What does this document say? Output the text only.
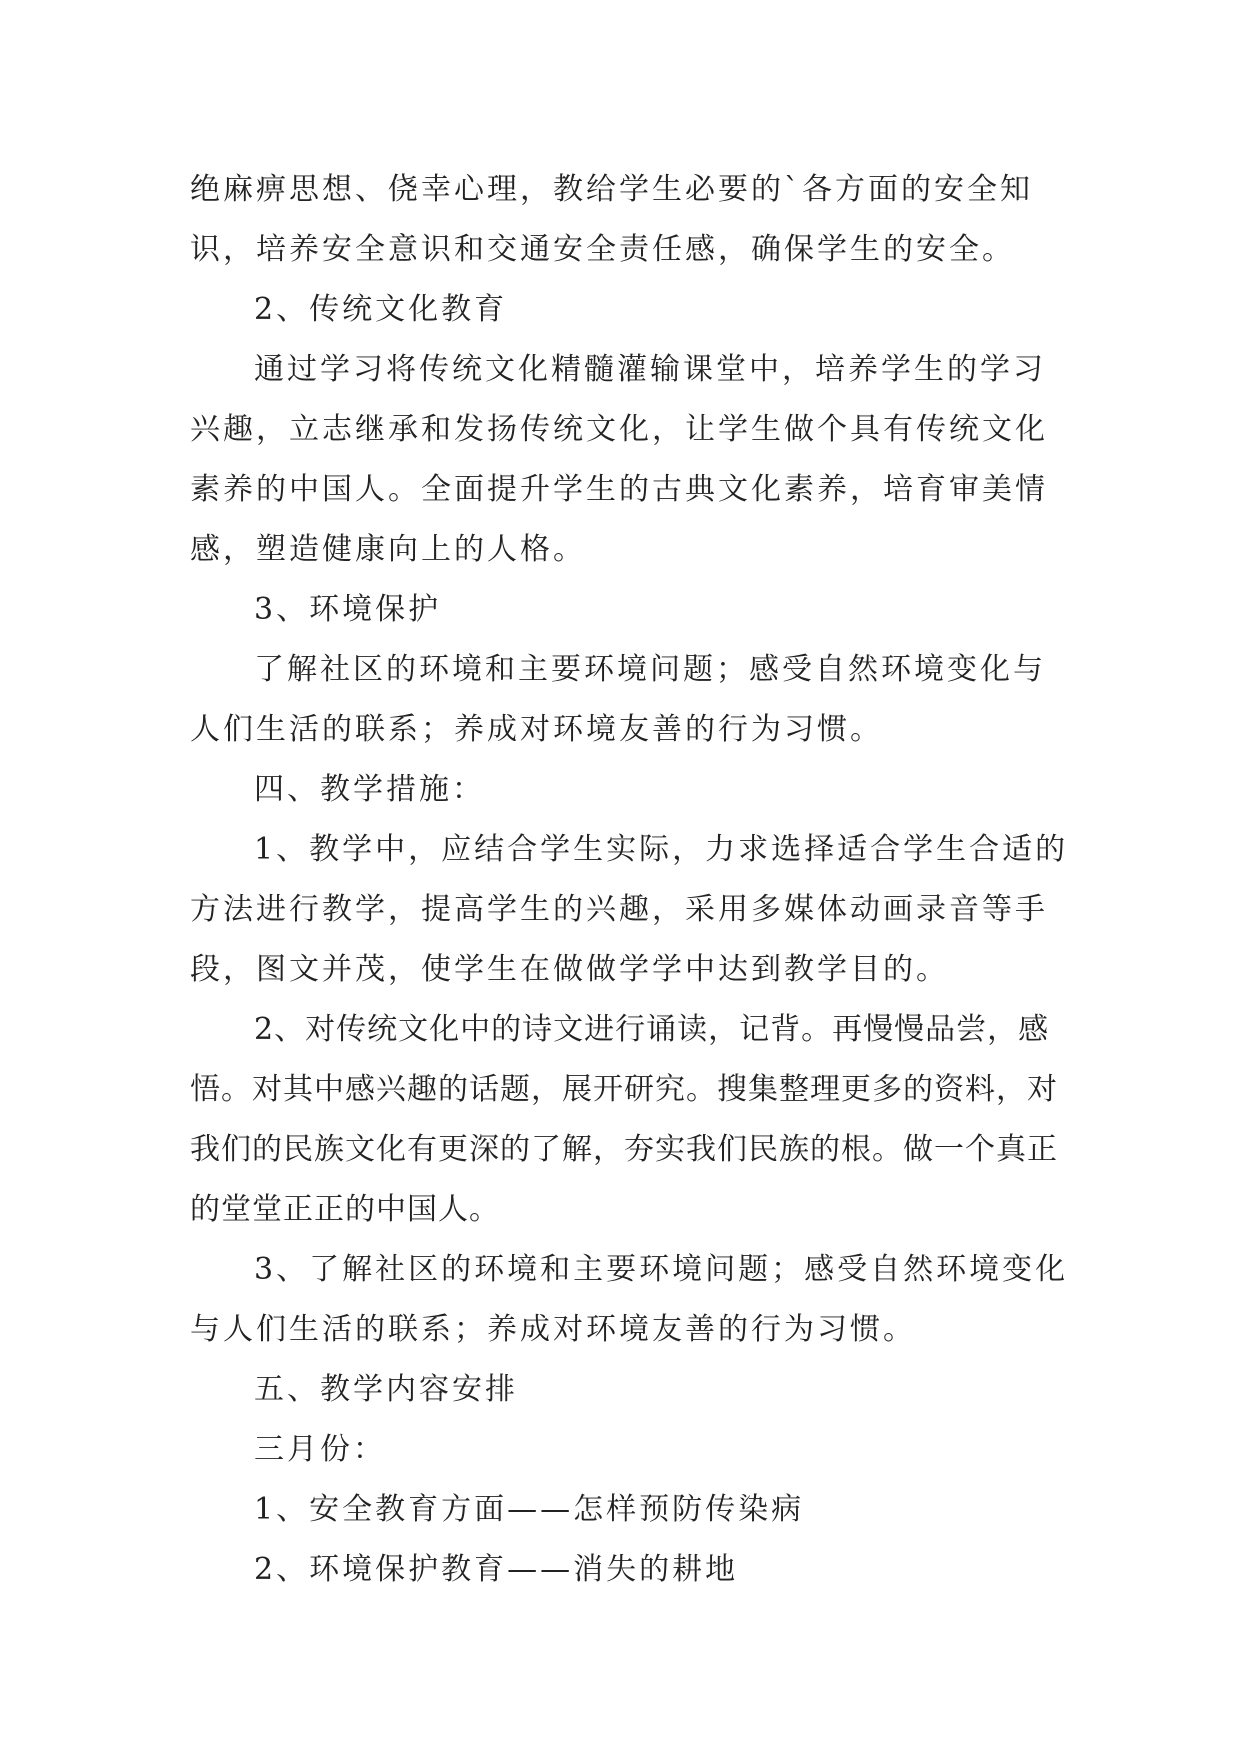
绝麻痹思想、侥幸心理，教给学生必要的`各方面的安全知识，培养安全意识和交通安全责任感，确保学生的安全。

2、传统文化教育

通过学习将传统文化精髓灌输课堂中，培养学生的学习兴趣，立志继承和发扬传统文化，让学生做个具有传统文化素养的中国人。全面提升学生的古典文化素养，培育审美情感，塑造健康向上的人格。

3、环境保护

了解社区的环境和主要环境问题；感受自然环境变化与人们生活的联系；养成对环境友善的行为习惯。

四、教学措施：

1、教学中，应结合学生实际，力求选择适合学生合适的方法进行教学，提高学生的兴趣，采用多媒体动画录音等手段，图文并茂，使学生在做做学学中达到教学目的。

2、对传统文化中的诗文进行诵读，记背。再慢慢品尝，感悟。对其中感兴趣的话题，展开研究。搜集整理更多的资料，对我们的民族文化有更深的了解，夯实我们民族的根。做一个真正的堂堂正正的中国人。

3、了解社区的环境和主要环境问题；感受自然环境变化与人们生活的联系；养成对环境友善的行为习惯。

五、教学内容安排

三月份：

1、安全教育方面——怎样预防传染病

2、环境保护教育——消失的耕地
